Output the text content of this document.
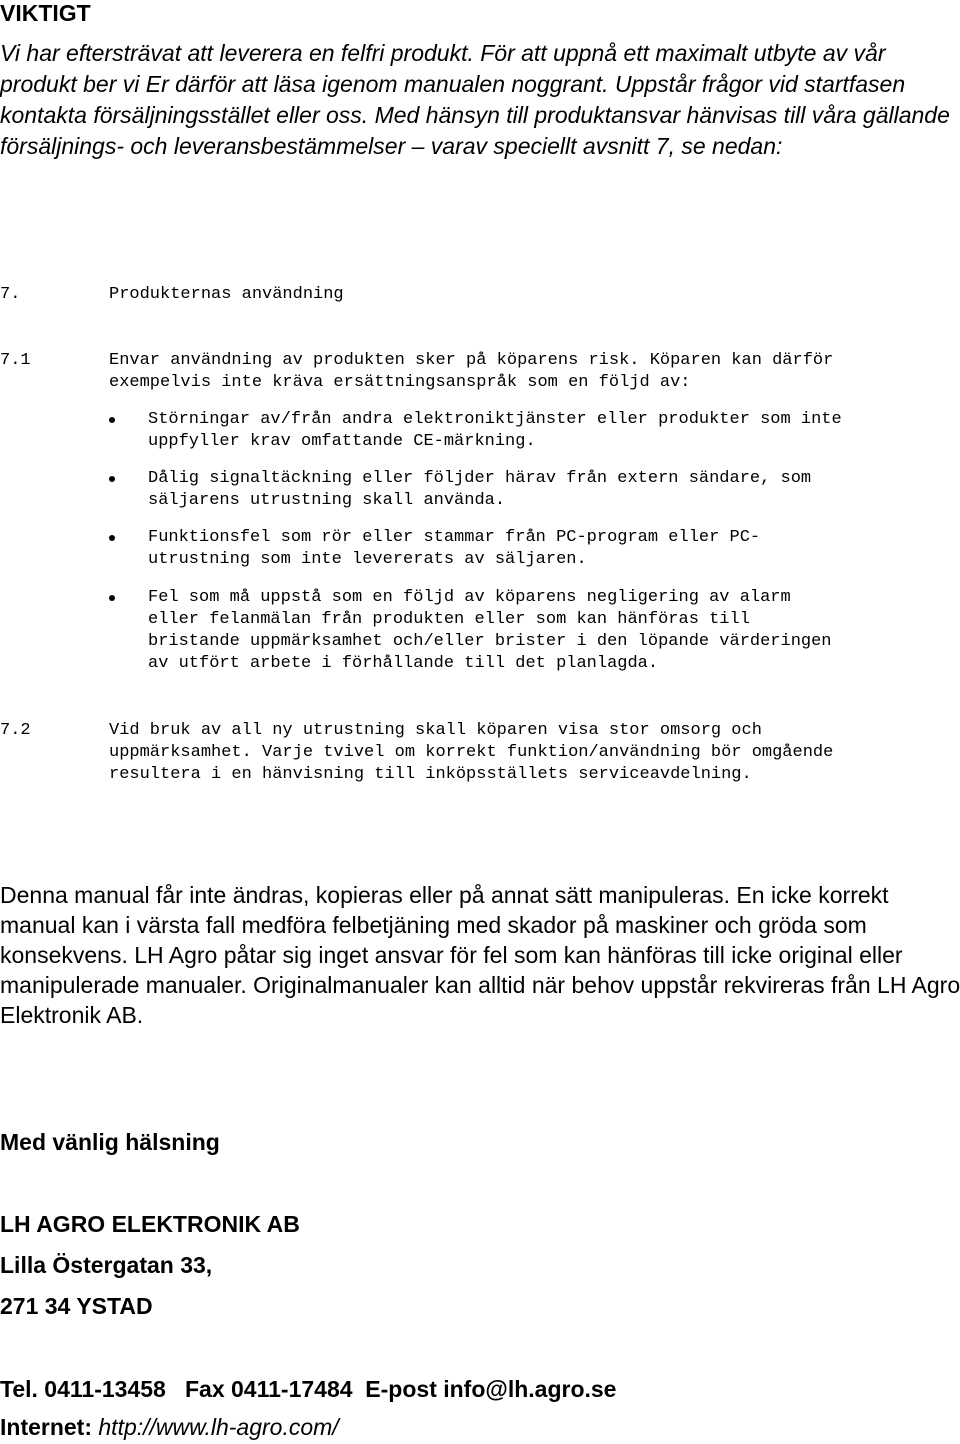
VIKTIGT

Vi har eftersträvat att leverera en felfri produkt. För att uppnå ett maximalt utbyte av vår
produkt ber vi Er därför att läsa igenom manualen noggrant. Uppstår frågor vid startfasen kontakta försäljningsstället eller oss. Med hänsyn till produktansvar hänvisas till våra gällande försäljnings- och leveransbestämmelser – varav speciellt avsnitt 7, se nedan:

7.	Produkternas användning

7.1	Envar användning av produkten sker på köparens risk. Köparen kan därför

exempelvis inte kräva ersättningsanspråk som en följd av:

Störningar av/från andra elektroniktjänster eller produkter som inte

uppfyller krav omfattande CE-märkning.

Dålig signaltäckning eller följder härav från extern sändare, som

säljarens utrustning skall använda.

Funktionsfel som rör eller stammar från PC-program eller PC-

utrustning som inte levererats av säljaren.

Fel som må uppstå som en följd av köparens negligering av alarm

eller felanmälan från produkten eller som kan hänföras till

bristande uppmärksamhet och/eller brister i den löpande värderingen

av utfört arbete i förhållande till det planlagda.

7.2	Vid bruk av all ny utrustning skall köparen visa stor omsorg och

uppmärksamhet. Varje tvivel om korrekt funktion/användning bör omgående

resultera i en hänvisning till inköpsställets serviceavdelning.

Denna manual får inte ändras, kopieras eller på annat sätt manipuleras. En icke korrekt manual kan i värsta fall medföra felbetjäning med skador på maskiner och gröda som konsekvens. LH Agro påtar sig inget ansvar för fel som kan hänföras till icke original eller manipulerade manualer. Originalmanualer kan alltid när behov uppstår rekvireras från LH Agro Elektronik AB.

Med vänlig hälsning

LH AGRO ELEKTRONIK AB

Lilla Östergatan 33,

271 34 YSTAD

Tel. 0411-13458   Fax 0411-17484  E-post info@lh.agro.se

Internet: http://www.lh-agro.com/
